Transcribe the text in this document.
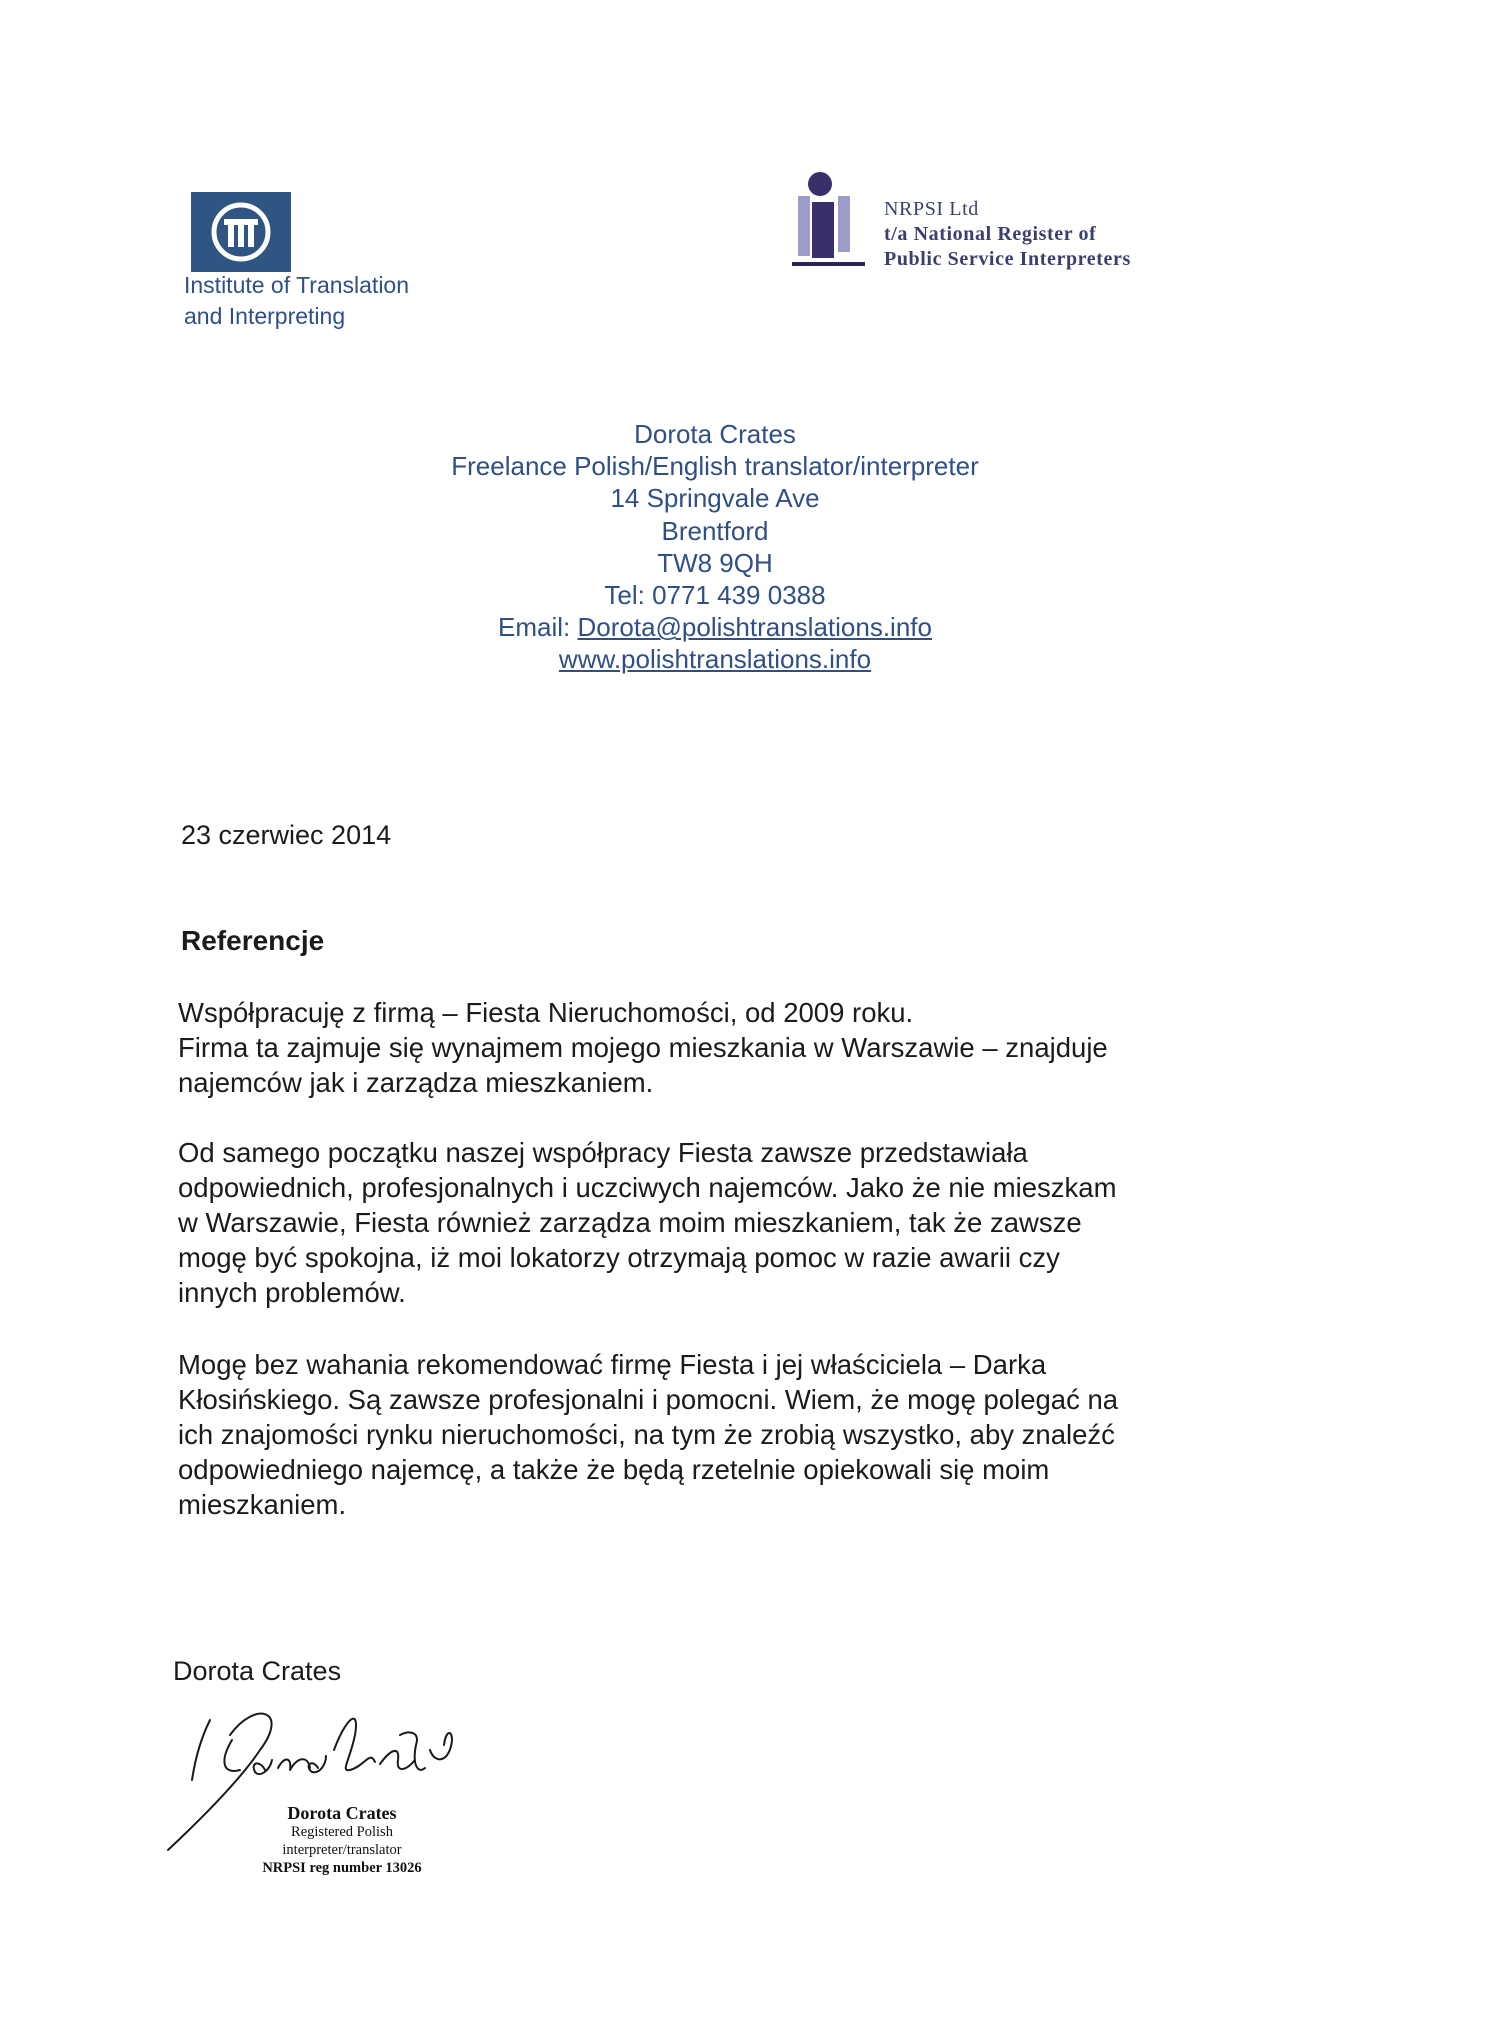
Institute of Translation
and Interpreting
NRPSI Ltd
t/a National Register of
Public Service Interpreters
Dorota Crates
Freelance Polish/English translator/interpreter
14 Springvale Ave
Brentford
TW8 9QH
Tel: 0771 439 0388
Email: Dorota@polishtranslations.info
www.polishtranslations.info
23 czerwiec 2014
Referencje
Współpracuję z firmą – Fiesta Nieruchomości, od 2009 roku.
Firma ta zajmuje się wynajmem mojego mieszkania w Warszawie – znajduje
najemców jak i zarządza mieszkaniem.
Od samego początku naszej współpracy Fiesta zawsze przedstawiała
odpowiednich, profesjonalnych i uczciwych najemców. Jako że nie mieszkam
w Warszawie, Fiesta również zarządza moim mieszkaniem, tak że zawsze
mogę być spokojna, iż moi lokatorzy otrzymają pomoc w razie awarii czy
innych problemów.
Mogę bez wahania rekomendować firmę Fiesta i jej właściciela – Darka
Kłosińskiego. Są zawsze profesjonalni i pomocni. Wiem, że mogę polegać na
ich znajomości rynku nieruchomości, na tym że zrobią wszystko, aby znaleźć
odpowiedniego najemcę, a także że będą rzetelnie opiekowali się moim
mieszkaniem.
Dorota Crates
Dorota Crates
Registered Polish
interpreter/translator
NRPSI reg number 13026
